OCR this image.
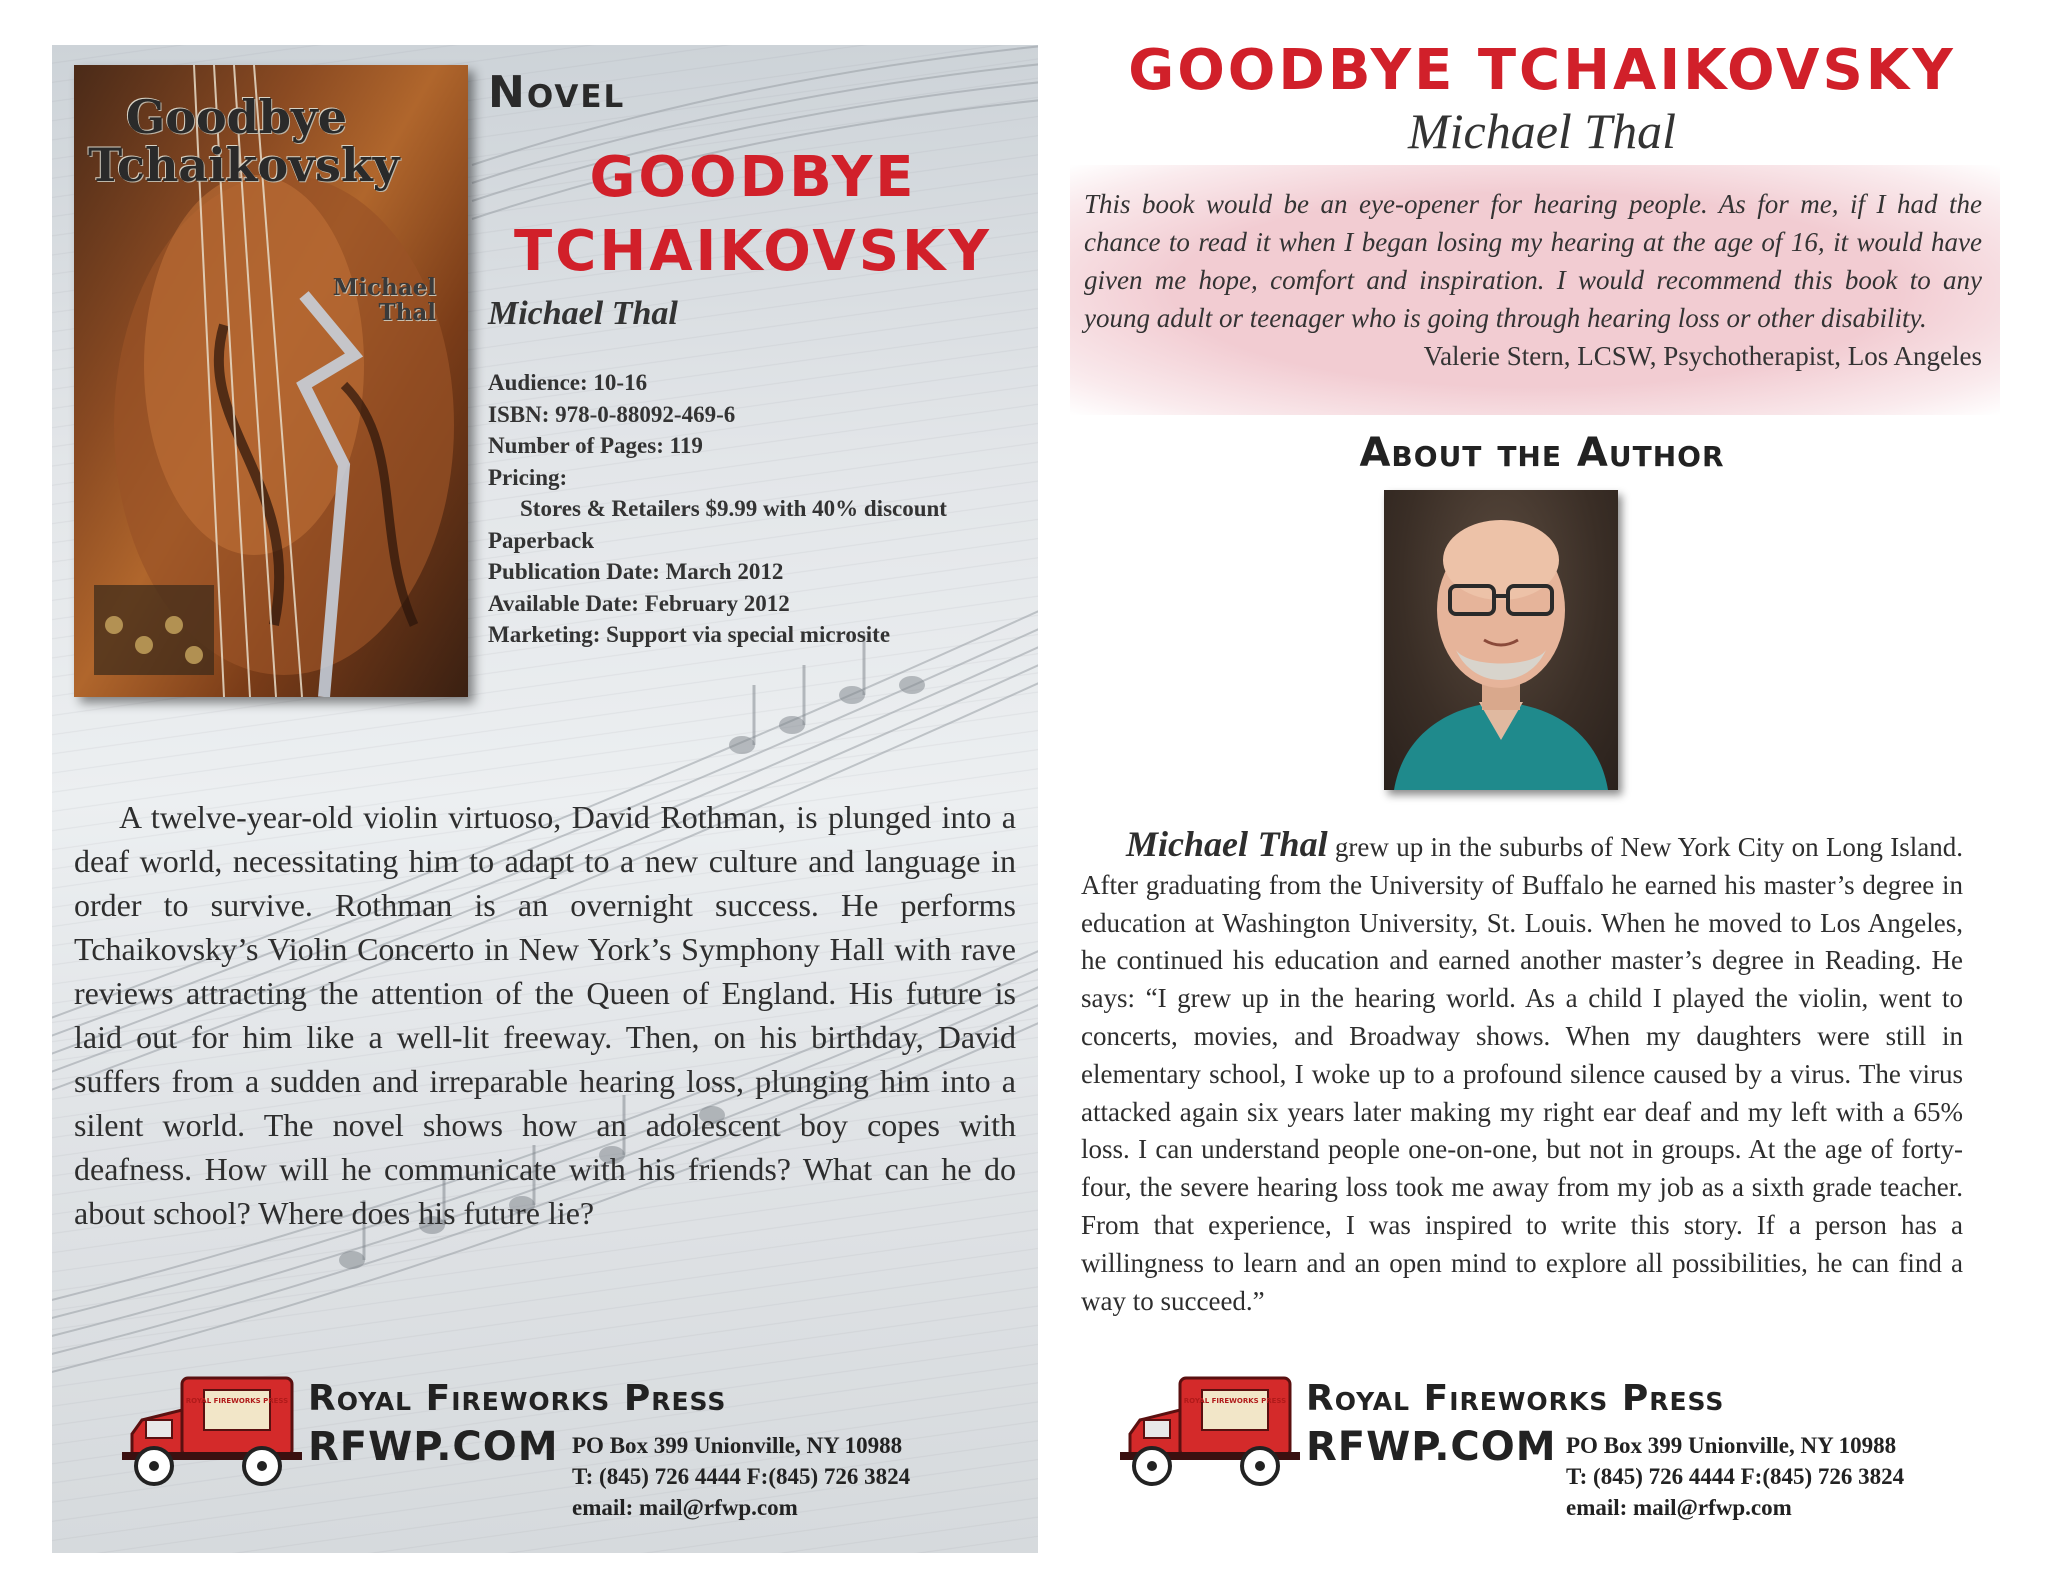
Goodbye
Tchaikovsky
Michael
Thal
Novel
GOODBYE
TCHAIKOVSKY
Michael Thal
Audience: 10-16
ISBN: 978-0-88092-469-6
Number of Pages: 119
Pricing:
Stores & Retailers $9.99 with 40% discount
Paperback
Publication Date: March 2012
Available Date: February 2012
Marketing: Support via special microsite

A twelve-year-old violin virtuoso, David Rothman, is plunged into a deaf world, necessitating him to adapt to a new culture and language in order to survive. Rothman is an overnight success. He performs Tchaikovsky’s Violin Concerto in New York’s Symphony Hall with rave reviews attracting the attention of the Queen of England. His future is laid out for him like a well-lit freeway. Then, on his birthday, David suffers from a sudden and irreparable hearing loss, plunging him into a silent world. The novel shows how an adolescent boy copes with deafness. How will he communicate with his friends? What can he do about school? Where does his future lie?

ROYAL FIREWORKS PRESS Royal Fireworks Press
RFWP.COM PO Box 399 Unionville, NY 10988
T: (845) 726 4444 F:(845) 726 3824
email: mail@rfwp.com
GOODBYE TCHAIKOVSKY
Michael Thal

This book would be an eye-opener for hearing people. As for me, if I had the chance to read it when I began losing my hearing at the age of 16, it would have given me hope, comfort and inspiration. I would recommend this book to any young adult or teenager who is going through hearing loss or other disability.

Valerie Stern, LCSW, Psychotherapist, Los Angeles

About the Author

Michael Thal grew up in the suburbs of New York City on Long Island. After graduating from the University of Buffalo he earned his master’s degree in education at Washington University, St. Louis. When he moved to Los Angeles, he continued his education and earned another master’s degree in Reading. He says: “I grew up in the hearing world. As a child I played the violin, went to concerts, movies, and Broadway shows. When my daughters were still in elementary school, I woke up to a profound silence caused by a virus. The virus attacked again six years later making my right ear deaf and my left with a 65% loss. I can understand people one-on-one, but not in groups. At the age of forty-four, the severe hearing loss took me away from my job as a sixth grade teacher. From that experience, I was inspired to write this story. If a person has a willingness to learn and an open mind to explore all possibilities, he can find a way to succeed.”

ROYAL FIREWORKS PRESS Royal Fireworks Press
RFWP.COM PO Box 399 Unionville, NY 10988
T: (845) 726 4444 F:(845) 726 3824
email: mail@rfwp.com
